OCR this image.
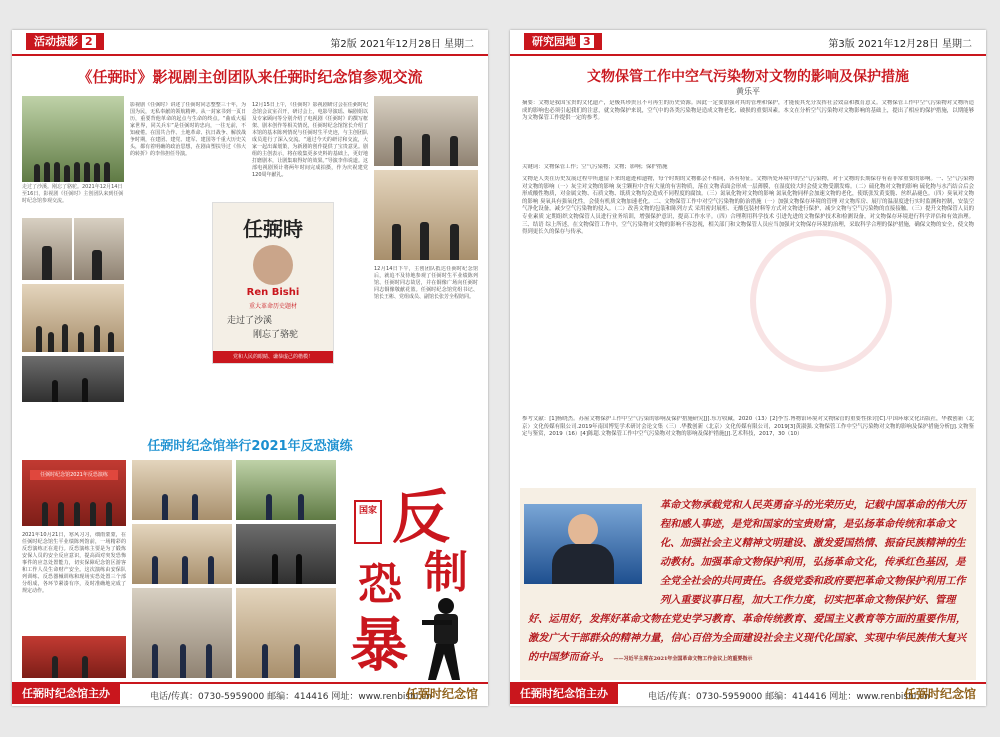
活动掠影 2	第2版 2021年12月28日 星期二
《任弼时》影视剧主创团队来任弼时纪念馆参观交流
走过了沙溪。刚忘了骆驼。2021年12月14日至16日，影视剧《任弼时》主创团队来到任弼时纪念馆参观交流。
影视剧《任弼时》讲述了任弼时同志整整三十年，为国为民，无私奉献的领航精神。从一封家书到一页日历，重要背他革命的起点与生命的终点。“曲成大福家世界，同关兵车”是任弼时的忠向，一往无前，不知疲倦。在国共合作、土地革命、抗日战争、解放战争时期，在建团、建党、建军、建国等千重大历史关头，都有着明确的政治思想，在剧由塑扶导过《伟大的转折》的李伟担任导演。
12月15日上午，《任弼时》影视剧研讨会在任弼时纪念馆会议室召开，研讨会上，电影导演瑶、编剧姐以及专家顾问等分别介绍了电视剧《任弼时》的撰写框架、剧本创作等相关情况，任弼时纪念馆馆长介绍了本馆的基本陈列情况与任弼时生平史迹，与主创团队成员进行了深入交流。“通过今天的研讨和交流，大家一起出谋划策，为新剧的创作提供了宝贵意见。剧组的主创表示，将在收集更多史料的基础上，更好地打磨剧本，让剧集取得好的效果。”导演李伟说道。这部电视剧预计将两年时间完成拍摄，作为庆祝建党120周年献礼。
12月14日下午，主创团队抵达任弼时纪念馆后，就追不及待地参观了任弼时生平业绩陈列馆、任弼时同志故居，并在铜像广场向任弼时同志铜像敬献花篮。任弼时纪念馆党组书记、馆长王彬、党组成员、副馆长张芳全程陪同。
任弼時
Ren Bishi
重大革命历史题材
走过了沙溪
刚忘了骆驼
党和人民的眼睛、谦恭虚己的楷模！
任弼时纪念馆举行2021年反恐演练
任弼时纪念馆2021年反恐演练
2021年10月21日，寒风习习，细雨蒙蒙，在任弼时纪念馆生平业绩陈列馆前，一场精彩的反恐演练正在进行。反恐演练主要是为了锻炼安保人员的安全反应意识，提高面对突发恐怖事件的应急处置能力，切实保障纪念馆区游客和工作人员生命财产安全。这次演练由安保队列训练、反恐器械训练和现场实恐处置三个部分组成，各环节紧凑有序，及时准确地完成了规定动作。
国家 反
恐 制
暴
任弼时纪念馆主办	电话/传真：0730-5959000 邮编：414416 网址：www.renbishi.cn
任弼时纪念馆
研究园地 3	第3版 2021年12月28日 星期二
文物保管工作中空气污染物对文物的影响及保护措施
黄乐平
摘要：文物是我国宝贵的文化遗产，是极其珍贵且不可再生的历史资源。因此一定要加强对其的管理和保护，才能使其充分发挥社会效益和教育意义。文物保管工作中空气污染物对文物所造成的影响也必须引起我们的注意，就文物保护来说，空气中的各类污染物是造成文物老化、破损的重要因素。本文在分析空气污染物对文物影响的基础上，提出了相应的保护措施，以期能够为文物保管工作提供一定的参考。
关键词：文物保管工作；空气污染物；文物；影响；保护措施
文物是人类在历史发展过程中所遗留下来的遗迹和遗物，每个时期的文物都会不相同，各有特征。文物所处环境中的空气污染物，对于文物的长期保存有着非常重要的影响。一、空气污染物对文物的影响（一）灰尘对文物的影响 灰尘颗粒中含有大量的有害物质，落在文物表面会形成一层薄膜，在湿度较大时会使文物受潮发霉。（二）硫化物对文物的影响 硫化物与水汽结合后会形成酸性物质，对金属文物、石质文物、纸质文物均会造成不同程度的腐蚀。（三）氮氧化物对文物的影响 氮氧化物同样会加速文物的老化，使纸张发黄变脆、丝织品褪色。（四）臭氧对文物的影响 臭氧具有强氧化性，会使有机质文物加速老化。二、文物保管工作中对空气污染物的防治措施（一）加强文物保存环境的管理 对文物库房、展厅的温湿度进行实时监测和控制，安装空气净化设备，减少空气污染物的侵入。（二）改善文物的包装和陈列方式 采用密封展柜、无酸包装材料等方式对文物进行保护，减少文物与空气污染物的直接接触。（三）提升文物保管人员的专业素质 定期组织文物保管人员进行业务培训，增强保护意识，提高工作水平。（四）合理利用科学技术 引进先进的文物保护技术和检测设备，对文物保存环境进行科学评估和有效治理。三、结语 综上所述，在文物保管工作中，空气污染物对文物的影响不容忽视，相关部门和文物保管人员应当加强对文物保存环境的治理，采取科学合理的保护措施，确保文物的安全，使文物得到更长久的保存与传承。
参考文献：[1]杨晓杰。苏屋文物保护工作中空气污染的影响及保护措施研究[J].东方收藏，2020（13）[2]李雪.博物馆环境对文物保管的重要性探讨[C].中国环球文化出版社，华教创新（北京）文化传媒有限公司.2019年南国博览学术研讨会论文集（三）.华教创新（北京）文化传媒有限公司，2019[3]黄淑强.文物保管工作中空气污染物对文物的影响及保护措施分析[J].文物鉴定与鉴赏，2019（16）[4]陈超.文物保管工作中空气污染物对文物的影响及保护措施[J].艺术科技，2017，30（10）
革命文物承载党和人民英勇奋斗的光荣历史，记载中国革命的伟大历程和感人事迹，是党和国家的宝贵财富，是弘扬革命传统和革命文化、加强社会主义精神文明建设、激发爱国热情、振奋民族精神的生动教材。加强革命文物保护利用，弘扬革命文化，传承红色基因，是全党全社会的共同责任。各级党委和政府要把革命文物保护利用工作列入重要议事日程，加大工作力度，切实把革命文物保护好、管理好、运用好，发挥好革命文物在党史学习教育、革命传统教育、爱国主义教育等方面的重要作用，激发广大干部群众的精神力量，信心百倍为全面建设社会主义现代化国家、实现中华民族伟大复兴的中国梦而奋斗。 ——习近平主席在2021年全国革命文物工作会议上的重要指示
任弼时纪念馆主办	电话/传真：0730-5959000 邮编：414416 网址：www.renbishi.cn
任弼时纪念馆
